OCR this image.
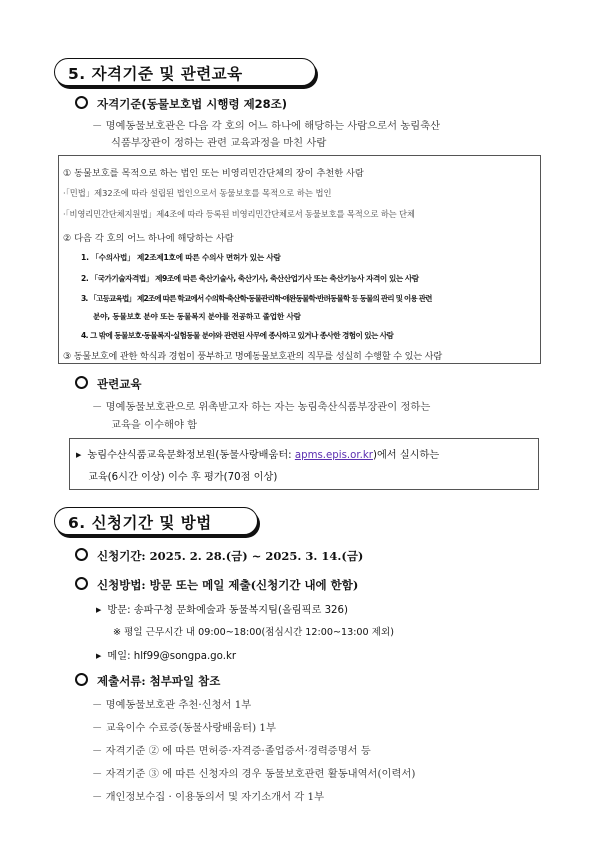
5. 자격기준 및 관련교육
자격기준(동물보호법 시행령 제28조)
－ 명예동물보호관은 다음 각 호의 어느 하나에 해당하는 사람으로서 농림축산
식품부장관이 정하는 관련 교육과정을 마친 사람
① 동물보호를 목적으로 하는 법인 또는 비영리민간단체의 장이 추천한 사람
·「민법」제32조에 따라 설립된 법인으로서 동물보호를 목적으로 하는 법인
·「비영리민간단체지원법」제4조에 따라 등록된 비영리민간단체로서 동물보호를 목적으로 하는 단체
② 다음 각 호의 어느 하나에 해당하는 사람
1. 「수의사법」 제2조제1호에 따른 수의사 면허가 있는 사람
2. 「국가기술자격법」 제9조에 따른 축산기술사, 축산기사, 축산산업기사 또는 축산기능사 자격이 있는 사람
3. 「고등교육법」 제2조에 따른 학교에서 수의학·축산학·동물관리학·애완동물학·반려동물학 등 동물의 관리 및 이용 관련
분야, 동물보호 분야 또는 동물복지 분야를 전공하고 졸업한 사람
4. 그 밖에 동물보호·동물복지·실험동물 분야와 관련된 사무에 종사하고 있거나 종사한 경험이 있는 사람
③ 동물보호에 관한 학식과 경험이 풍부하고 명예동물보호관의 직무를 성실히 수행할 수 있는 사람
관련교육
－ 명예동물보호관으로 위촉받고자 하는 자는 농림축산식품부장관이 정하는
교육을 이수해야 함
▶ 농림수산식품교육문화정보원(동물사랑배움터: apms.epis.or.kr)에서 실시하는
교육(6시간 이상) 이수 후 평가(70점 이상)
6. 신청기간 및 방법
신청기간: 2025. 2. 28.(금) ~ 2025. 3. 14.(금)
신청방법: 방문 또는 메일 제출(신청기간 내에 한함)
▶ 방문: 송파구청 문화예술과 동물복지팀(올림픽로 326)
※ 평일 근무시간 내 09:00~18:00(점심시간 12:00~13:00 제외)
▶ 메일: hlf99@songpa.go.kr
제출서류: 첨부파일 참조
－ 명예동물보호관 추천·신청서 1부
－ 교육이수 수료증(동물사랑배움터) 1부
－ 자격기준 ② 에 따른 면허증·자격증·졸업증서·경력증명서 등
－ 자격기준 ③ 에 따른 신청자의 경우 동물보호관련 활동내역서(이력서)
－ 개인정보수집 · 이용동의서 및 자기소개서 각 1부
